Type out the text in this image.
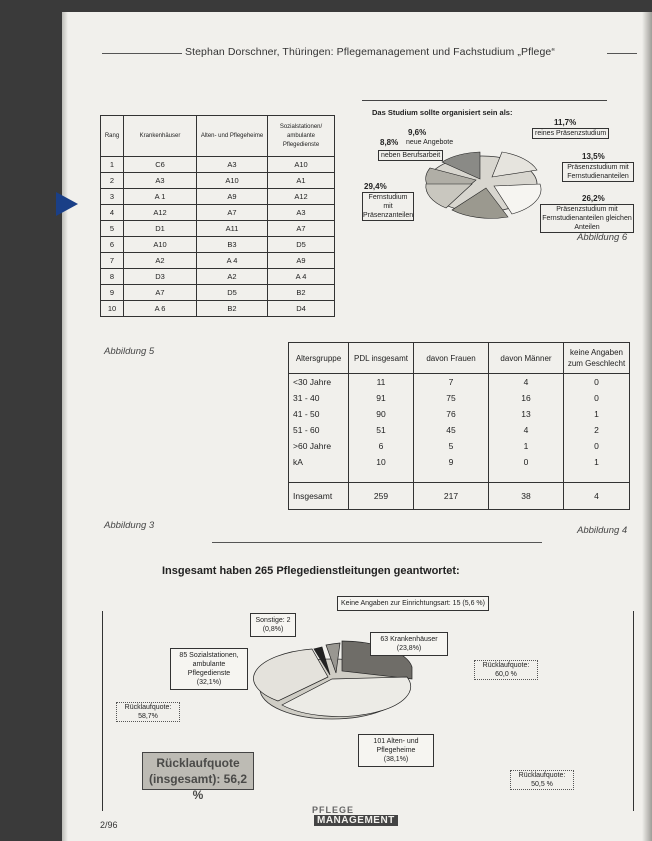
Stephan Dorschner, Thüringen: Pflegemanagement und Fachstudium „Pflege“
Rang	Krankenhäuser	Alten- und Pflegeheime	Sozialstationen/ ambulante Pflegedienste
1	C6	A3	A10
2	A3	A10	A1
3	A 1	A9	A12
4	A12	A7	A3
5	D1	A11	A7
6	A10	B3	D5
7	A2	A 4	A9
8	D3	A2	A 4
9	A7	D5	B2
10	A 6	B2	D4
Das Studium sollte organisiert sein als:
9,6%
neue Angebote
8,8%
neben Berufsarbeit
11,7%
reines Präsenzstudium
13,5%
Präsenzstudium mit Fernstudienanteilen
29,4%
Fernstudium mit Präsenzanteilen
26,2%
Präsenzstudium mit Fernstudienanteilen gleichen Anteilen
Abbildung 6
Abbildung 5
Altersgruppe	PDL insgesamt	davon Frauen	davon Männer	keine Angaben zum Geschlecht
<30 Jahre	11	7	4	0
31 - 40	91	75	16	0
41 - 50	90	76	13	1
51 - 60	51	45	4	2
>60 Jahre	6	5	1	0
kA	10	9	0	1

Insgesamt	259	217	38	4
Abbildung 3	Abbildung 4
Insgesamt haben 265 Pflegedienstleitungen geantwortet:
Keine Angaben zur Einrichtungsart: 15 (5,6 %)
Sonstige: 2
(0,8%)
63 Krankenhäuser
(23,8%)
85 Sozialstationen,
ambulante
Pflegedienste
(32,1%)
101 Alten- und
Pflegeheime
(38,1%)
Rücklaufquote:
60,0 %
Rücklaufquote:
58,7%
Rücklaufquote:
50,5 %
Rücklaufquote
(insgesamt): 56,2 %
2/96
PFLEGE
MANAGEMENT
